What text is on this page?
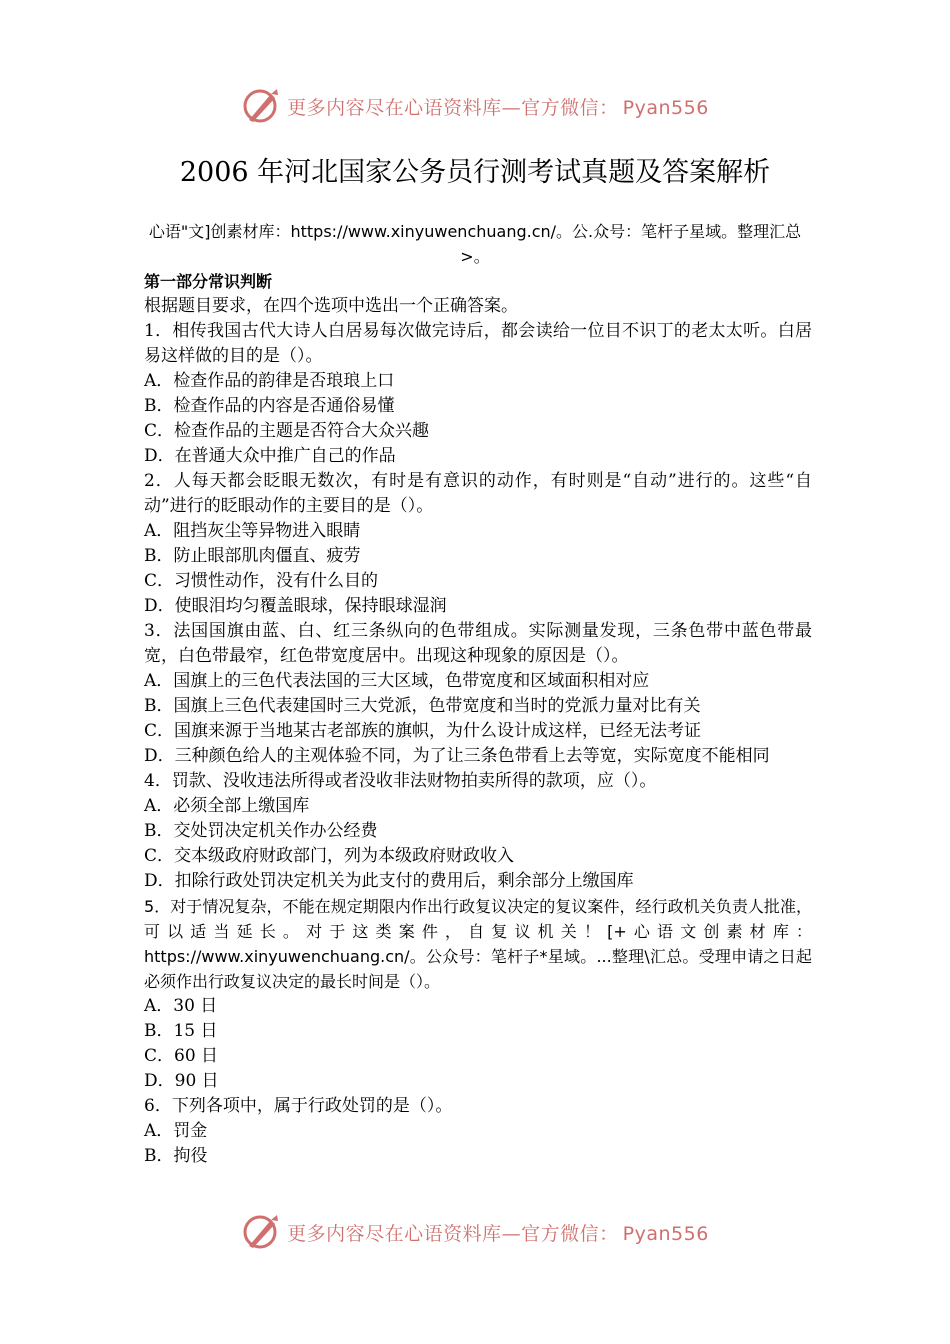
更多内容尽在心语资料库—官方微信： Pyan556
2006 年河北国家公务员行测考试真题及答案解析
心语"文]创素材库：https://www.xinyuwenchuang.cn/。公.众号：笔杆子星域。整理汇总>。

第一部分常识判断

根据题目要求，在四个选项中选出一个正确答案。

1．相传我国古代大诗人白居易每次做完诗后，都会读给一位目不识丁的老太太听。白居易这样做的目的是（）。

A．检查作品的韵律是否琅琅上口

B．检查作品的内容是否通俗易懂

C．检查作品的主题是否符合大众兴趣

D．在普通大众中推广自己的作品

2．人每天都会眨眼无数次，有时是有意识的动作，有时则是“自动”进行的。这些“自动”进行的眨眼动作的主要目的是（）。

A．阻挡灰尘等异物进入眼睛

B．防止眼部肌肉僵直、疲劳

C．习惯性动作，没有什么目的

D．使眼泪均匀覆盖眼球，保持眼球湿润

3．法国国旗由蓝、白、红三条纵向的色带组成。实际测量发现，三条色带中蓝色带最宽，白色带最窄，红色带宽度居中。出现这种现象的原因是（）。

A．国旗上的三色代表法国的三大区域，色带宽度和区域面积相对应

B．国旗上三色代表建国时三大党派，色带宽度和当时的党派力量对比有关

C．国旗来源于当地某古老部族的旗帜，为什么设计成这样，已经无法考证

D．三种颜色给人的主观体验不同，为了让三条色带看上去等宽，实际宽度不能相同

4．罚款、没收违法所得或者没收非法财物拍卖所得的款项，应（）。

A．必须全部上缴国库

B．交处罚决定机关作办公经费

C．交本级政府财政部门，列为本级政府财政收入

D．扣除行政处罚决定机关为此支付的费用后，剩余部分上缴国库

5．对于情况复杂，不能在规定期限内作出行政复议决定的复议案件，经行政机关负责人批准，可以适当延长。对于这类案件，自复议机关！[+心语文创素材库：https://www.xinyuwenchuang.cn/。公众号：笔杆子*星域。...整理\汇总。受理申请之日起必须作出行政复议决定的最长时间是（）。

A．30 日

B．15 日

C．60 日

D．90 日

6．下列各项中，属于行政处罚的是（）。

A．罚金

B．拘役

更多内容尽在心语资料库—官方微信： Pyan556
